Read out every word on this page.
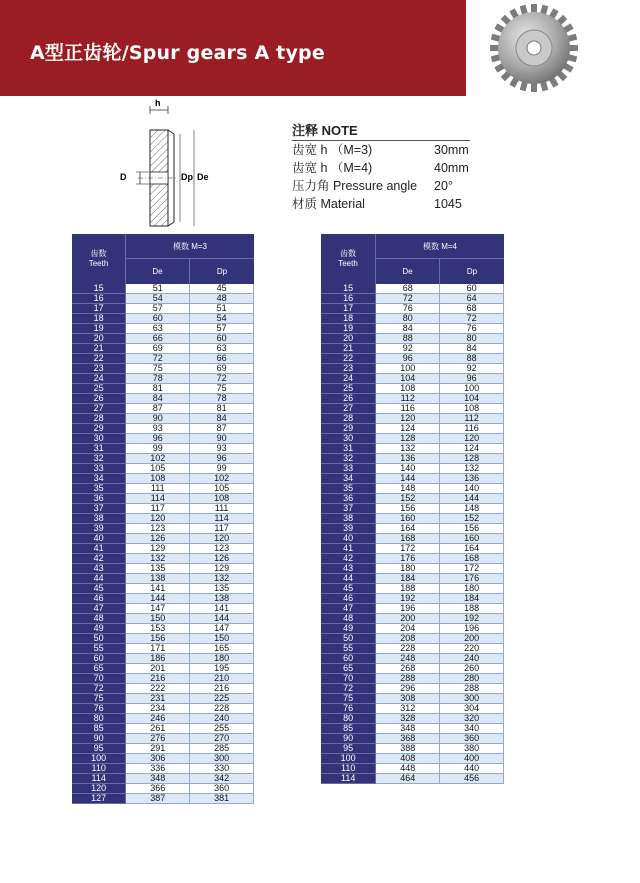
A型正齿轮/Spur gears A type
h
D	Dp De
注释 NOTE
齿宽 h （M=3)	30mm
齿宽 h （M=4)	40mm
压力角 Pressure angle 20°
材质 Material	1045
齿数
Teeth
模数 M=3
De	Dp
15	51	45
16	54	48
17	57	51
18	60	54
19	63	57
20	66	60
21	69	63
22	72	66
23	75	69
24	78	72
25	81	75
26	84	78
27	87	81
28	90	84
29	93	87
30	96	90
31	99	93
32	102	96
33	105	99
34	108	102
35	111	105
36	114	108
37	117	111
38	120	114
39	123	117
40	126	120
41	129	123
42	132	126
43	135	129
44	138	132
45	141	135
46	144	138
47	147	141
48	150	144
49	153	147
50	156	150
55	171	165
60	186	180
65	201	195
70	216	210
72	222	216
75	231	225
76	234	228
80	246	240
85	261	255
90	276	270
95	291	285
100	306	300
110	336	330
114	348	342
120	366	360
127	387	381
齿数
Teeth
模数 M=4
De	Dp
15	68	60
16	72	64
17	76	68
18	80	72
19	84	76
20	88	80
21	92	84
22	96	88
23	100	92
24	104	96
25	108	100
26	112	104
27	116	108
28	120	112
29	124	116
30	128	120
31	132	124
32	136	128
33	140	132
34	144	136
35	148	140
36	152	144
37	156	148
38	160	152
39	164	156
40	168	160
41	172	164
42	176	168
43	180	172
44	184	176
45	188	180
46	192	184
47	196	188
48	200	192
49	204	196
50	208	200
55	228	220
60	248	240
65	268	260
70	288	280
72	296	288
75	308	300
76	312	304
80	328	320
85	348	340
90	368	360
95	388	380
100	408	400
110	448	440
114	464	456
